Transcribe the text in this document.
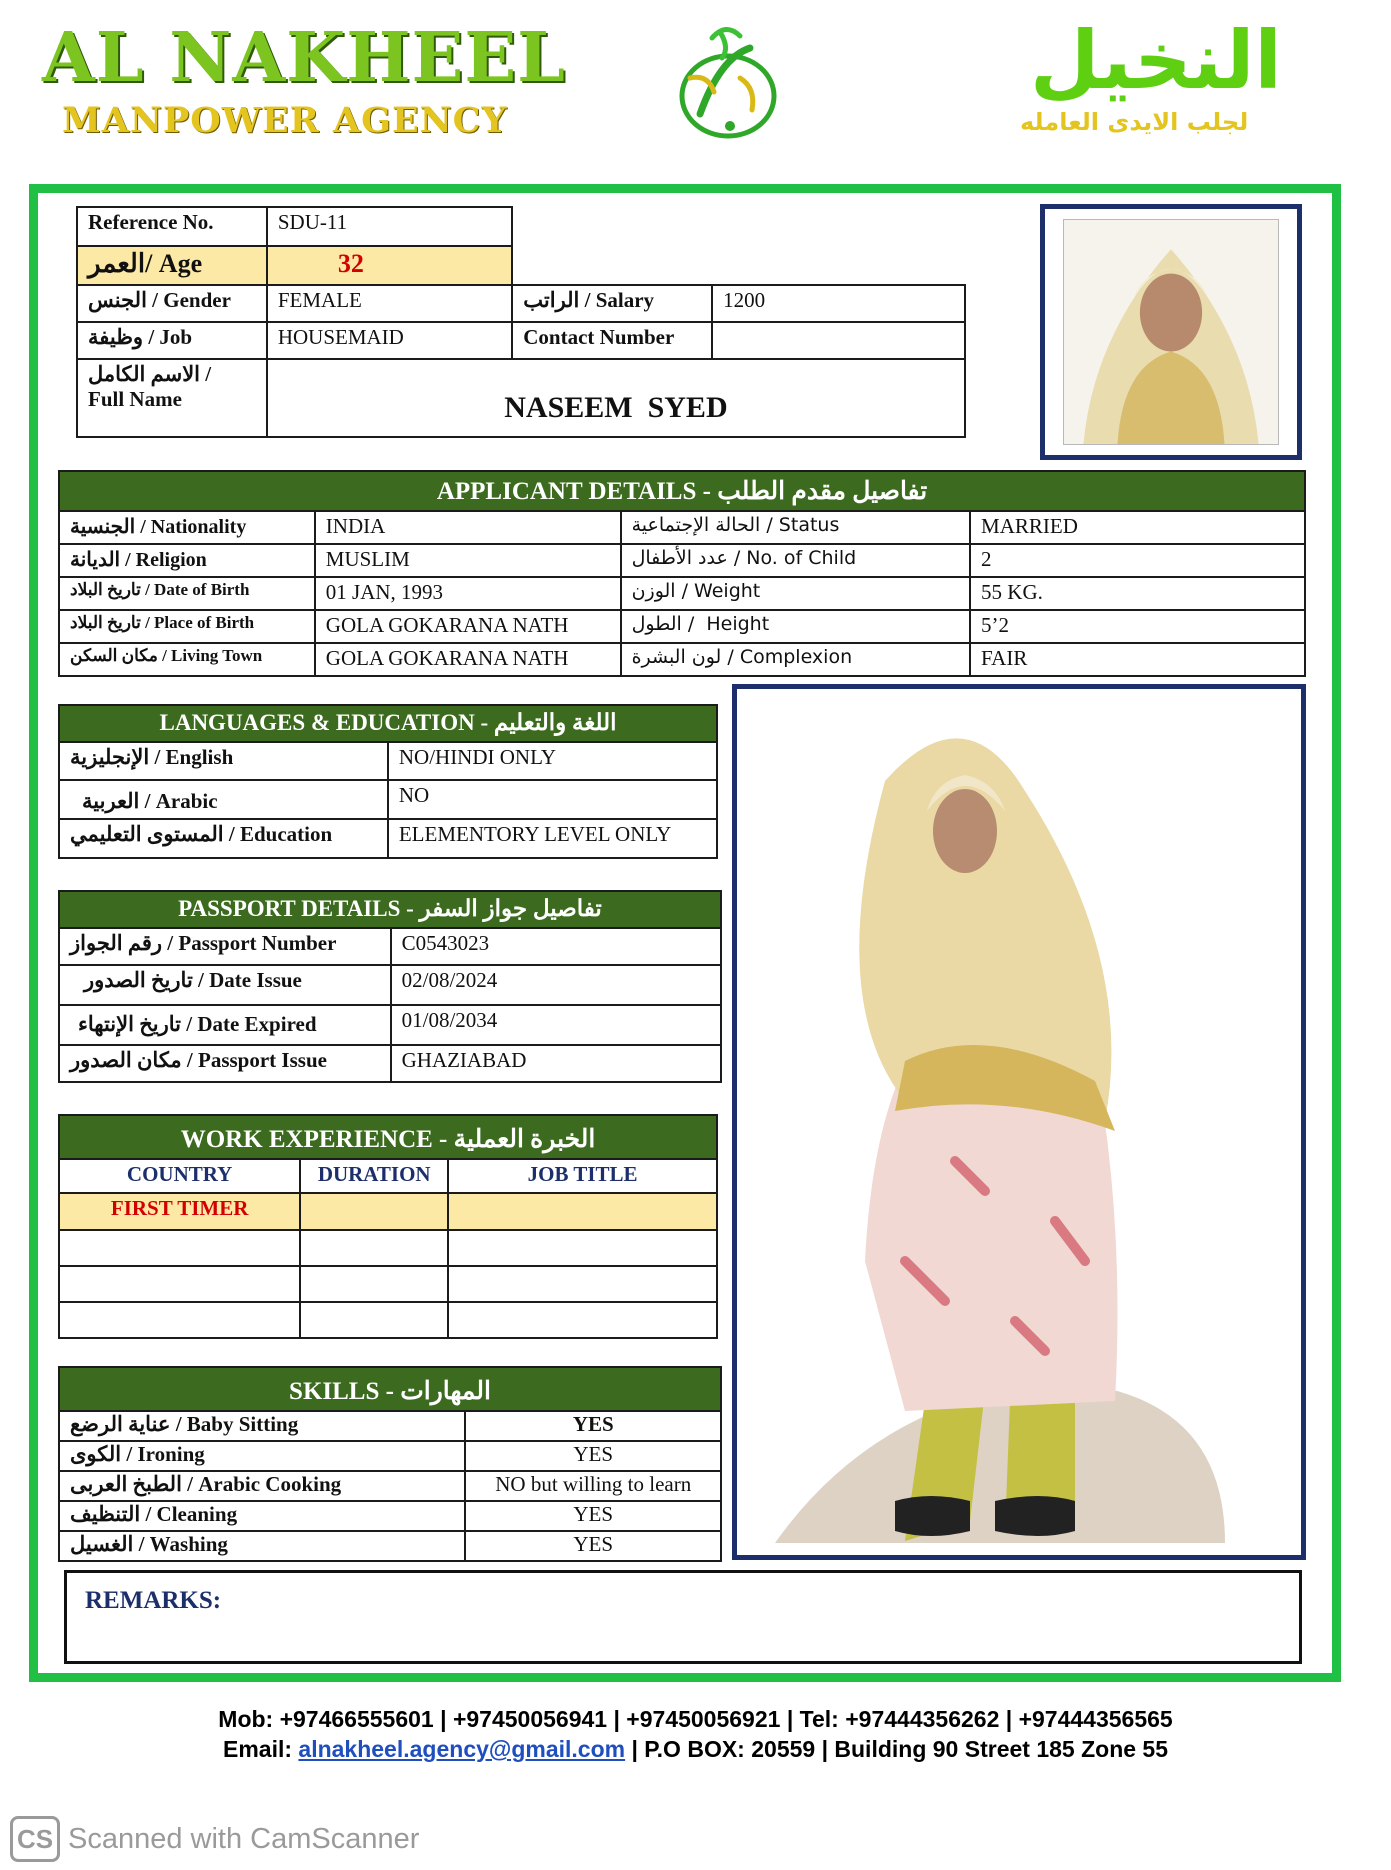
AL NAKHEEL
MANPOWER AGENCY
النخيل
لجلب الايدى العامله
Reference No.	SDU-11		
العمر/ Age	32		
الجنس / Gender	FEMALE	الراتب / Salary	1200
وظيفة / Job	HOUSEMAID	Contact Number	

الاسم الكامل /
Full Name	NASEEM  SYED		
APPLICANT DETAILS - تفاصيل مقدم الطلب			
الجنسية / Nationality	INDIA	الحالة الإجتماعية / Status	MARRIED
الديانة / Religion	MUSLIM	عدد الأطفال / No. of Child	2
تاريخ البلاد / Date of Birth	01 JAN, 1993	الوزن / Weight	55 KG.
تاريخ البلاد / Place of Birth	GOLA GOKARANA NATH	الطول /  Height	5’2
مكان السكن / Living Town	GOLA GOKARANA NATH	لون البشرة / Complexion	FAIR
LANGUAGES & EDUCATION - اللغة والتعليم	
الإنجليزية / English	NO/HINDI ONLY
العربية / Arabic	NO
المستوى التعليمي / Education	ELEMENTORY LEVEL ONLY
PASSPORT DETAILS - تفاصيل جواز السفر	
رقم الجواز / Passport Number	C0543023
تاريخ الصدور / Date Issue	02/08/2024
تاريخ الإنتهاء / Date Expired	01/08/2034
مكان الصدور / Passport Issue	GHAZIABAD
WORK EXPERIENCE - الخبرة العملية		
COUNTRY	DURATION	JOB TITLE
FIRST TIMER		

SKILLS - المهارات	
عناية الرضع / Baby Sitting	YES
الكوى / Ironing	YES
الطبخ العربى / Arabic Cooking	NO but willing to learn
التنظيف / Cleaning	YES
الغسيل / Washing	YES
REMARKS:
Mob: +97466555601 | +97450056941 | +97450056921 | Tel: +97444356262 | +97444356565
Email: alnakheel.agency@gmail.com | P.O BOX: 20559 | Building 90 Street 185 Zone 55
CS Scanned with CamScanner
